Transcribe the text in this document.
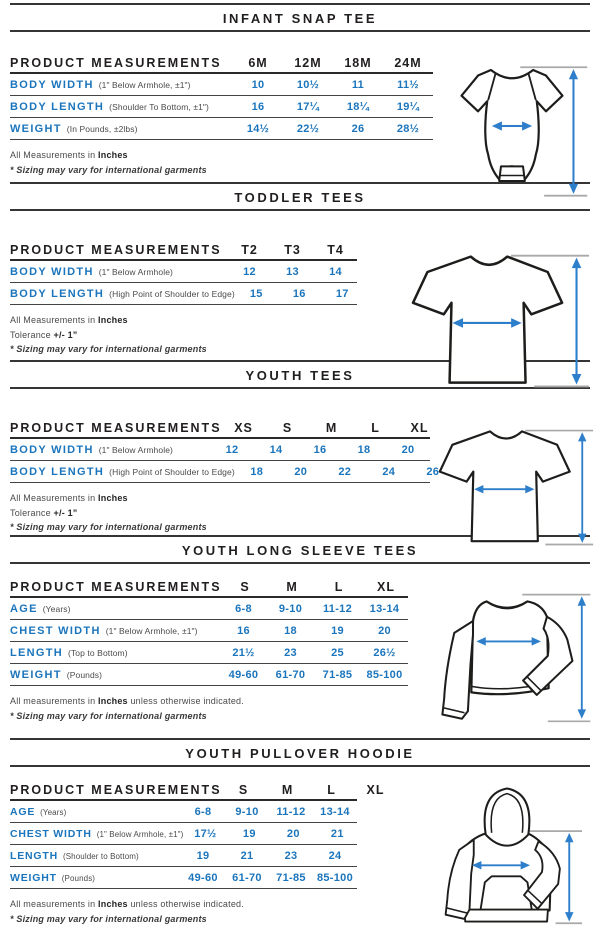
INFANT SNAP TEE
PRODUCT MEASUREMENTS	6M	12M	18M	24M
BODY WIDTH (1" Below Armhole, ±1")	10	10½	11	11½
BODY LENGTH (Shoulder To Bottom, ±1")	16	17¼	18¼	19¼
WEIGHT (In Pounds, ±2lbs)	14½	22½	26	28½
All Measurements in Inches
* Sizing may vary for international garments
TODDLER TEES
PRODUCT MEASUREMENTS	T2	T3	T4
BODY WIDTH (1" Below Armhole)	12	13	14
BODY LENGTH (High Point of Shoulder to Edge)	15	16	17
All Measurements in Inches
Tolerance +/- 1”
* Sizing may vary for international garments
YOUTH TEES
PRODUCT MEASUREMENTS	XS	S	M	L	XL
BODY WIDTH (1" Below Armhole)	12	14	16	18	20
BODY LENGTH (High Point of Shoulder to Edge)	18	20	22	24	26
All Measurements in Inches
Tolerance +/- 1”
* Sizing may vary for international garments
YOUTH LONG SLEEVE TEES
PRODUCT MEASUREMENTS	S	M	L	XL
AGE (Years)	6-8	9-10	11-12	13-14
CHEST WIDTH (1" Below Armhole, ±1")	16	18	19	20
LENGTH (Top to Bottom)	21½	23	25	26½
WEIGHT (Pounds)	49-60	61-70	71-85	85-100
All measurements in Inches unless otherwise indicated.
* Sizing may vary for international garments
YOUTH PULLOVER HOODIE
PRODUCT MEASUREMENTS	S	M	L	XL
AGE (Years)	6-8	9-10	11-12	13-14
CHEST WIDTH (1" Below Armhole, ±1") 17½	19	20	21
LENGTH (Shoulder to Bottom)	19	21	23	24
WEIGHT (Pounds)	49-60	61-70	71-85	85-100
All measurements in Inches unless otherwise indicated.
* Sizing may vary for international garments
